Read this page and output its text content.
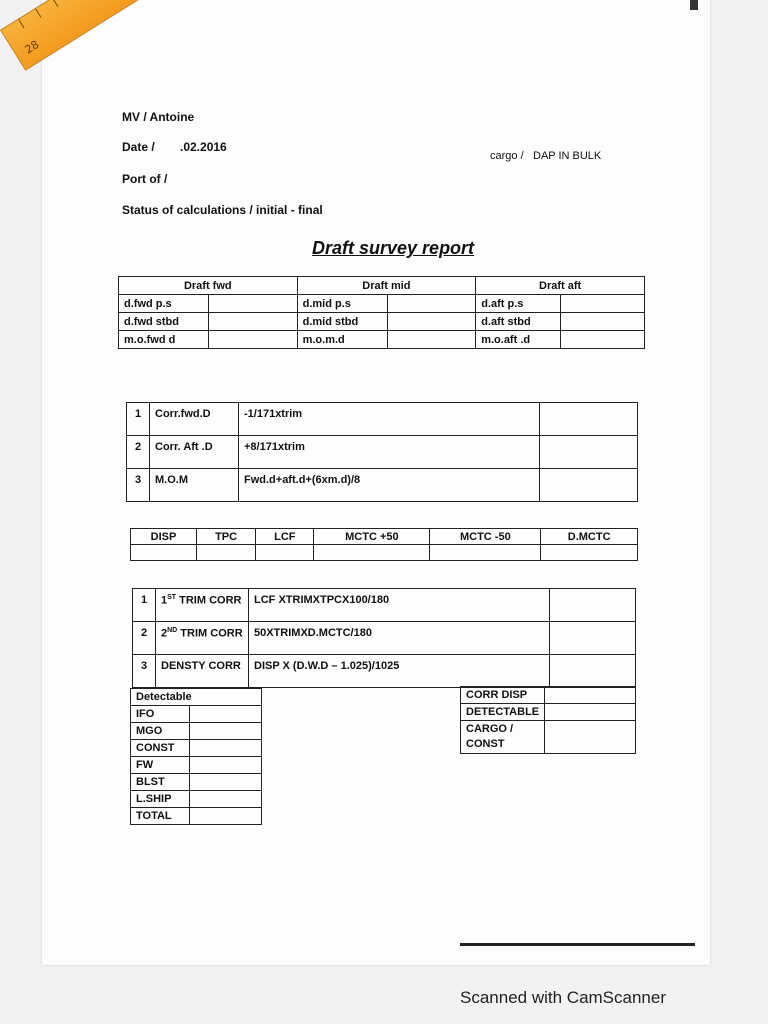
28
MV / Antoine
Date / .02.2016
Port of /
Status of calculations / initial - final
cargo / DAP IN BULK
Draft survey report
Draft fwd		Draft mid		Draft aft	
d.fwd p.s		d.mid p.s		d.aft p.s	
d.fwd stbd		d.mid stbd		d.aft stbd	
m.o.fwd d		m.o.m.d		m.o.aft .d	
1	Corr.fwd.D	-1/171xtrim	
2	Corr. Aft .D	+8/171xtrim	
3	M.O.M	Fwd.d+aft.d+(6xm.d)/8	
DISP	TPC	LCF	MCTC +50	MCTC -50	D.MCTC

1	1ST TRIM CORR	LCF XTRIMXTPCX100/180	
2	2ND TRIM CORR	50XTRIMXD.MCTC/180	
3	DENSTY CORR	DISP X (D.W.D – 1.025)/1025	
Detectable	
IFO	
MGO	
CONST	
FW	
BLST	
L.SHIP	
TOTAL	
CORR DISP	
DETECTABLE	
CARGO /
CONST	
Scanned with CamScanner
